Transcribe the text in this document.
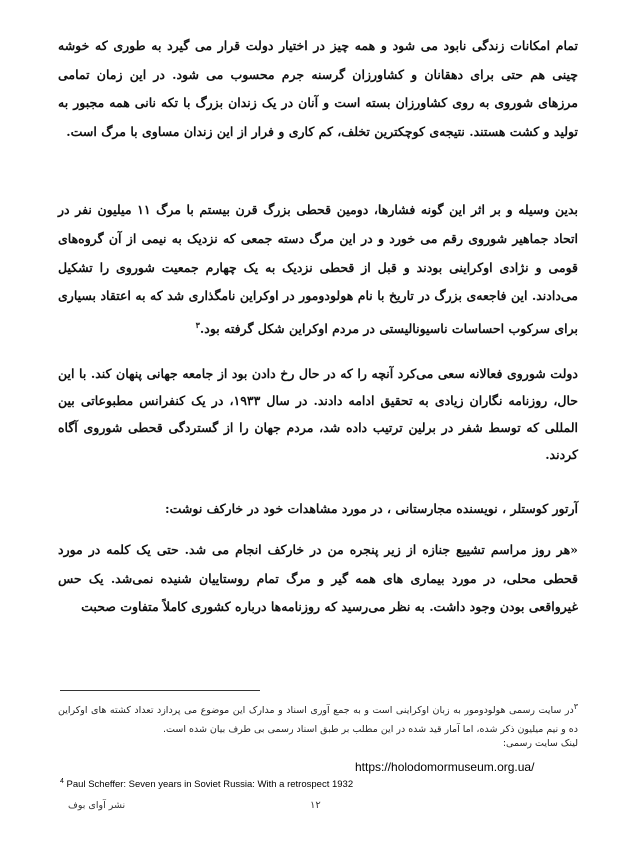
تمام امکانات زندگی نابود می شود و همه چیز در اختیار دولت قرار می گیرد به طوری که خوشه چینی هم حتی برای دهقانان و کشاورزان گرسنه جرم محسوب می شود. در این زمان تمامی مرزهای شوروی به روی کشاورزان بسته است و آنان در یک زندان بزرگ با تکه نانی همه مجبور به تولید و کشت هستند. نتیجه‌ی کوچکترین تخلف، کم کاری و فرار از این زندان مساوی با مرگ است.

بدین وسیله و بر اثر این گونه فشارها، دومین قحطی بزرگ قرن بیستم با مرگ ۱۱ میلیون نفر در اتحاد جماهیر شوروی رقم می خورد و در این مرگ دسته جمعی که نزدیک به نیمی از آن گروه‌های قومی و نژادی اوکراینی بودند و قبل از قحطی نزدیک به یک چهارم جمعیت شوروی را تشکیل می‌دادند. این فاجعه‌ی بزرگ در تاریخ با نام هولودومور در اوکراین نامگذاری شد که به اعتقاد بسیاری برای سرکوب احساسات ناسیونالیستی در مردم اوکراین شکل گرفته بود.$^۳$

دولت شوروی فعالانه سعی می‌کرد آنچه را که در حال رخ دادن بود از جامعه جهانی پنهان کند. با این حال، روزنامه نگاران زیادی به تحقیق ادامه دادند. در سال ۱۹۳۳، در یک کنفرانس مطبوعاتی بین المللی که توسط شفر در برلین ترتیب داده شد، مردم جهان را از گستردگی قحطی شوروی آگاه کردند.

آرتور کوستلر ، نویسنده مجارستانی ، در مورد مشاهدات خود در خارکف نوشت:

«هر روز مراسم تشییع جنازه از زیر پنجره من در خارکف انجام می شد. حتی یک کلمه در مورد قحطی محلی، در مورد بیماری های همه گیر و مرگ تمام روستاییان شنیده نمی‌شد. یک حس غیرواقعی بودن وجود داشت. به نظر می‌رسید که روزنامه‌ها درباره کشوری کاملاً متفاوت صحبت

$^۳$در سایت رسمی هولودومور به زبان اوکراینی است و به جمع آوری اسناد و مدارک این موضوع می پردازد تعداد کشته های اوکراین ده و نیم میلیون ذکر شده، اما آمار قید شده در این مطلب بر طبق اسناد رسمی بی طرف بیان شده است.
لینک سایت رسمی:
https://holodomormuseum.org.ua/
$^4$ Paul Scheffer: Seven years in Soviet Russia: With a retrospect 1932
۱۲
نشر آوای بوف
